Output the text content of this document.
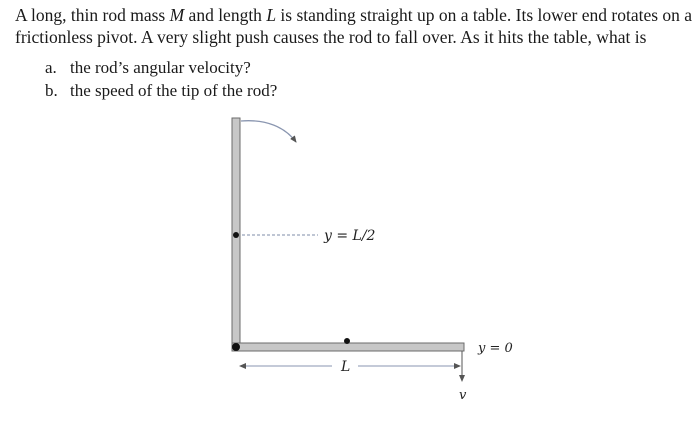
A long, thin rod mass M and length L is standing straight up on a table. Its lower end rotates on a

frictionless pivot. A very slight push causes the rod to fall over. As it hits the table, what is

a. the rod’s angular velocity?
b. the speed of the tip of the rod?
y = L/2
y = 0
L
v
